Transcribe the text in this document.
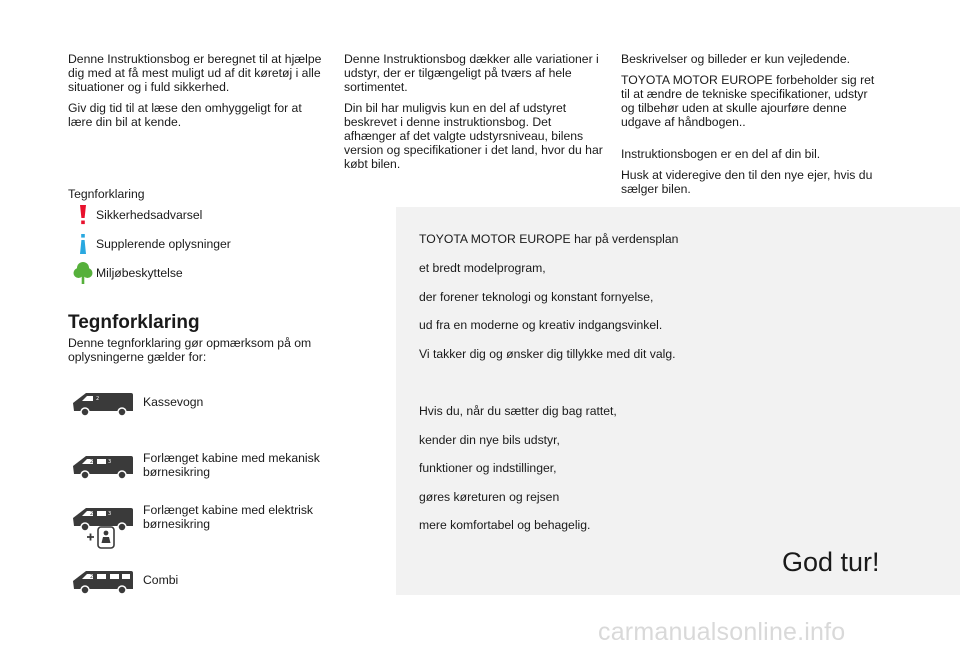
Denne Instruktionsbog er beregnet til at hjælpe dig med at få mest muligt ud af dit køretøj i alle situationer og i fuld sikkerhed.

Giv dig tid til at læse den omhyggeligt for at lære din bil at kende.

Denne Instruktionsbog dækker alle variationer i udstyr, der er tilgængeligt på tværs af hele sortimentet.

Din bil har muligvis kun en del af udstyret beskrevet i denne instruktionsbog. Det afhænger af det valgte udstyrsniveau, bilens version og specifikationer i det land, hvor du har købt bilen.

Beskrivelser og billeder er kun vejledende.

TOYOTA MOTOR EUROPE forbeholder sig ret til at ændre de tekniske specifikationer, udstyr og tilbehør uden at skulle ajourføre denne udgave af håndbogen..

Instruktionsbogen er en del af din bil.

Husk at videregive den til den nye ejer, hvis du sælger bilen.

Tegnforklaring
Sikkerhedsadvarsel
Supplerende oplysninger
Miljøbeskyttelse
Tegnforklaring
Denne tegnforklaring gør opmærksom på om oplysningerne gælder for:
2	Kassevogn
2	3	Forlænget kabine med mekanisk børnesikring
2	3	Forlænget kabine med elektrisk børnesikring
2	Combi
TOYOTA MOTOR EUROPE har på verdensplan
et bredt modelprogram,
der forener teknologi og konstant fornyelse,
ud fra en moderne og kreativ indgangsvinkel.
Vi takker dig og ønsker dig tillykke med dit valg.
Hvis du, når du sætter dig bag rattet,
kender din nye bils udstyr,
funktioner og indstillinger,
gøres køreturen og rejsen
mere komfortabel og behagelig.
God tur!
carmanualsonline.info
